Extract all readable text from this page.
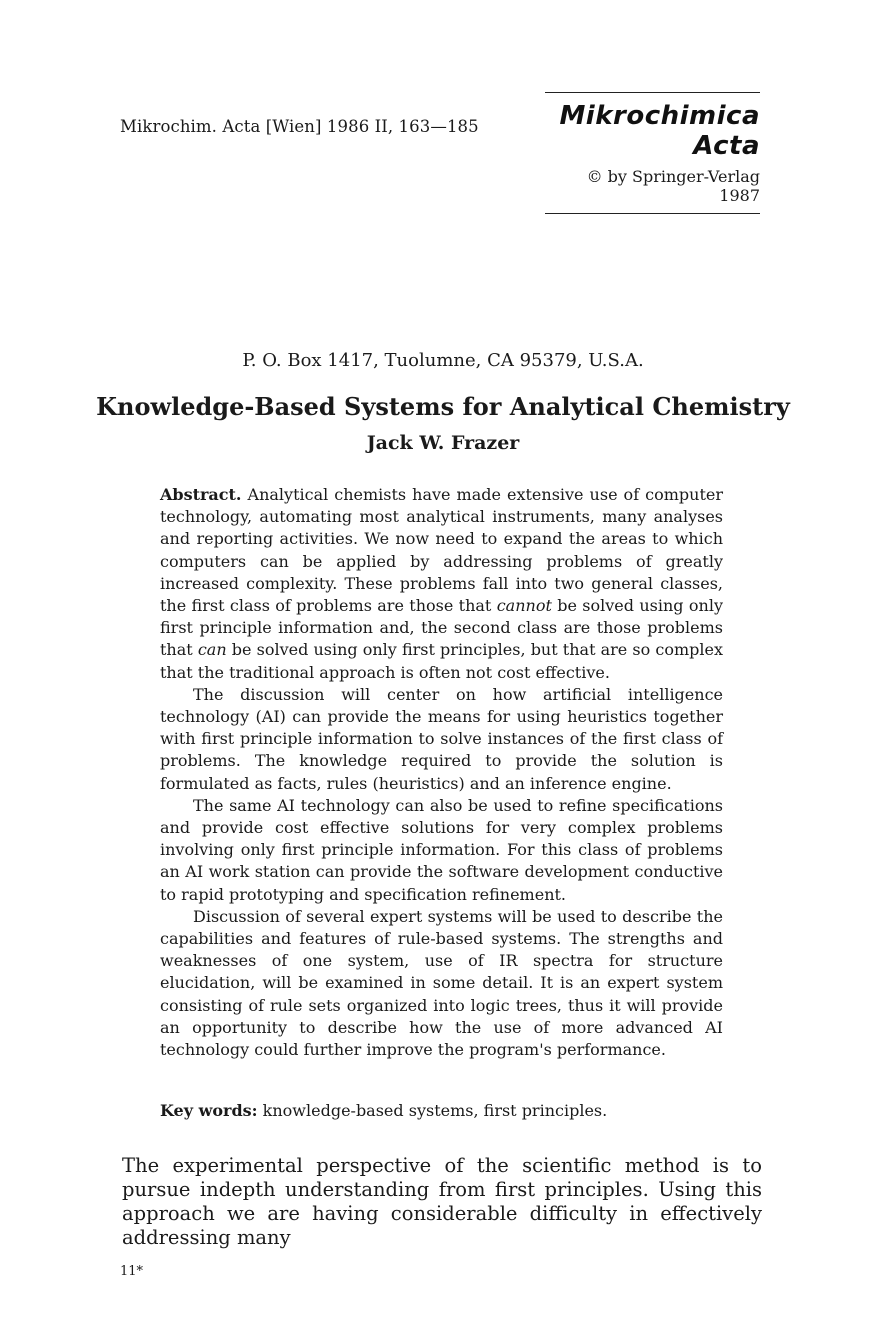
Mikrochim. Acta [Wien] 1986 II, 163—185	Mikrochimica Acta
© by Springer-Verlag 1987
P. O. Box 1417, Tuolumne, CA 95379, U.S.A.
Knowledge-Based Systems for Analytical Chemistry
Jack W. Frazer

Abstract. Analytical chemists have made extensive use of computer technology, automating most analytical instruments, many analyses and reporting activities. We now need to expand the areas to which computers can be applied by addressing problems of greatly increased complexity. These problems fall into two general classes, the first class of problems are those that cannot be solved using only first principle information and, the second class are those problems that can be solved using only first principles, but that are so complex that the traditional approach is often not cost effective.

The discussion will center on how artificial intelligence technology (AI) can provide the means for using heuristics together with first principle information to solve instances of the first class of problems. The knowledge required to provide the solution is formulated as facts, rules (heuristics) and an inference engine.

The same AI technology can also be used to refine specifications and provide cost effective solutions for very complex problems involving only first principle information. For this class of problems an AI work station can provide the software development conductive to rapid prototyping and specification refinement.

Discussion of several expert systems will be used to describe the capabilities and features of rule-based systems. The strengths and weaknesses of one system, use of IR spectra for structure elucidation, will be examined in some detail. It is an expert system consisting of rule sets organized into logic trees, thus it will provide an opportunity to describe how the use of more advanced AI technology could further improve the program's performance.

Key words: knowledge-based systems, first principles.

The experimental perspective of the scientific method is to pursue indepth understanding from first principles. Using this approach we are having considerable difficulty in effectively addressing many

11*
